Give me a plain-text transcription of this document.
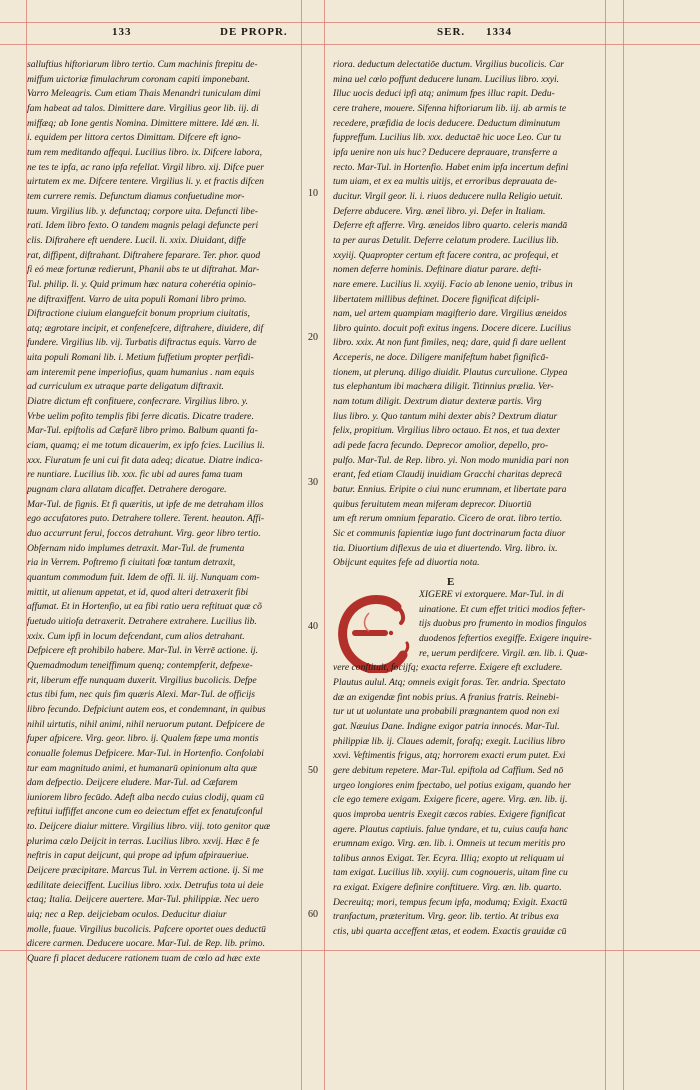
133	DE PROPR.	SER. 1334
10
20
30
40
50
60
salluftius hiftoriarum libro tertio. Cum machinis ftrepitu de-
miffum uictoriæ fimulachrum coronam capiti imponebant.
Varro Meleagris. Cum etiam Thais Menandri tuniculam dimi
fam habeat ad talos. Dimittere dare. Virgilius geor lib. iij. di
miffæq; ab Ione gentis Nomina. Dimittere mittere. Idé æn. li.
i. equidem per littora certos Dimittam. Difcere eft igno-
tum rem meditando affequi. Lucilius libro. ix. Difcere labora,
ne tes te ipfa, ac rano ipfa refellat. Virgil libro. xij. Difce puer
uirtutem ex me. Difcere tentere. Virgilius li. y. et fractis difcen
tem currere remis. Defunctum diamus confuetudine mor-
tuum. Virgilius lib. y. defunctaq; corpore uita. Defuncti libe-
rati. Idem libro fexto. O tandem magnis pelagi defuncte peri
clis. Diftrahere eft uendere. Lucil. li. xxix. Diuidant, diffe
rat, diffipent, diftrahant. Diftrahere feparare. Ter. phor. quod
fi eó meæ fortunæ redierunt, Phanii abs te ut diftrahat. Mar-
Tul. philip. li. y. Quid primum hæc natura coherétia opinio-
ne diftraxiffent. Varro de uita populi Romani libro primo.
Diftractione ciuium elanguefcit bonum proprium ciuitatis,
atq; ægrotare incipit, et confenefcere, diftrahere, diuidere, dif
fundere. Virgilius lib. vij. Turbatis diftractus equis. Varro de
uita populi Romani lib. i. Metium fuffetium propter perfidi-
am interemit pene imperiofius, quam humanius . nam equis
ad curriculum ex utraque parte deligatum diftraxit.
Diatre dictum eft confituere, confecrare. Virgilius libro. y.
Vrbe uelim pofito templis fibi ferre dicatis. Dicatre tradere.
Mar-Tul. epiftolis ad Cæfarē libro primo. Balbum quanti fa-
ciam, quamq; ei me totum dicauerim, ex ipfo fcies. Lucilius li.
xxx. Fiuratum fe uni cui fit data adeq; dicatue. Diatre indica-
re nuntiare. Lucilius lib. xxx. fic ubi ad aures fama tuam
pugnam clara allatam dicaffet. Detrahere derogare.
Mar-Tul. de fignis. Et fi quæritis, ut ipfe de me detraham illos
ego accufatores puto. Detrahere tollere. Terent. heauton. Affi-
duo accurrunt ferui, foccos detrahunt. Virg. geor libro tertio.
Obfernam nido implumes detraxit. Mar-Tul. de frumenta
ria in Verrem. Poftremo fi ciuitati foæ tantum detraxit,
quantum commodum fuit. Idem de offi. li. iij. Nunquam com-
mittit, ut alienum appetat, et id, quod alteri detraxerit fibi
affumat. Et in Hortenfio, ut ea fibi ratio uera reftituat quæ cõ
fuetudo uitiofa detraxerit. Detrahere extrahere. Lucilius lib.
xxix. Cum ipfi in locum defcendant, cum alios detrahant.
Defpicere eft prohibilo habere. Mar-Tul. in Verrē actione. ij.
Quemadmodum teneiffimum quenq; contempferit, defpexe-
rit, liberum effe nunquam duxerit. Virgilius bucolicis. Defpe
ctus tibi fum, nec quis fim quæris Alexi. Mar-Tul. de officijs
libro fecundo. Defpiciunt autem eos, et condemnant, in quibus
nihil uirtutis, nihil animi, nihil neruorum putant. Defpicere de
fuper afpicere. Virg. geor. libro. ij. Qualem fæpe uma montis
conualle folemus Defpicere. Mar-Tul. in Hortenfio. Confolabi
tur eam magnitudo animi, et humanarū opinionum alta quæ
dam defpectio. Deijcere eludere. Mar-Tul. ad Cæfarem
iuniorem libro fecūdo. Adeft alba necdo cuius clodij, quam cū
reftitui iuffiffet ancone cum eo deiectum effet ex fenatufconful
to. Deijcere diaiur mittere. Virgilius libro. viij. toto genitor quæ
plurima cælo Deijcit in terras. Lucilius libro. xxvij. Hæc ē fe
neftris in caput deijcunt, qui prope ad ipfum afpiraueriue.
Deijcere præcipitare. Marcus Tul. in Verrem actione. ij. Si me
ædilitate deieciffent. Lucilius libro. xxix. Detrufus tota ui deie
ctaq; Italia. Deijcere auertere. Mar-Tul. philippiæ. Nec uero
uiq; nec a Rep. deijciebam oculos. Deducitur diaiur
molle, fuaue. Virgilius bucolicis. Pafcere oportet oues deductū
dicere carmen. Deducere uocare. Mar-Tul. de Rep. lib. primo.
Quare fi placet deducere rationem tuam de cœlo ad hæc exte
riora. deductum delectatiōe ductum. Virgilius bucolicis. Car
mina uel cœlo poffunt deducere lunam. Lucilius libro. xxyi.
Illuc uocis deduci ipfi atq; animum fpes illuc rapit. Dedu-
cere trahere, mouere. Sifenna hiftoriarum lib. iij. ab armis te
recedere, præfidia de locis deducere. Deductum diminutum
fuppreffum. Lucilius lib. xxx. deductaē hic uoce Leo. Cur tu
ipfa uenire non uis huc? Deducere deprauare, transferre a
recto. Mar-Tul. in Hortenfio. Habet enim ipfa incertum defini
tum uiam, et ex ea multis uitijs, et erroribus deprauata de-
ducitur. Virgil geor. li. i. riuos deducere nulla Religio uetuit.
Deferre abducere. Virg. æneï libro. yi. Defer in Italiam.
Deferre eft afferre. Virg. æneidos libro quarto. celeris mandā
ta per auras Detulit. Deferre celatum prodere. Lucilius lib.
xxyiij. Quapropter certum eft facere contra, ac profequi, et
nomen deferre hominis. Deftinare diatur parare. defti-
nare emere. Lucilius li. xxyiij. Facio ab lenone uenio, tribus in
libertatem millibus deftinet. Docere fignificat difcipli-
nam, uel artem quampiam magifterio dare. Virgilius æneidos
libro quinto. docuit poft exitus ingens. Docere dicere. Lucilius
libro. xxix. At non funt fimiles, neq; dare, quid fi dare uellent
Acceperis, ne doce. Diligere manifeftum habet fignificā-
tionem, ut plerunq. diligo diuidit. Plautus curculione. Clypea
tus elephantum ibi machæra diligit. Titinnius prælia. Ver-
nam totum diligit. Dextrum diatur dexteræ partis. Virg
lius libro. y. Quo tantum mihi dexter abis? Dextrum diatur
felix, propitium. Virgilius libro octauo. Et nos, et tua dexter
adi pede facra fecundo. Deprecor amolior, depello, pro-
pulfo. Mar-Tul. de Rep. libro. yi. Non modo munidia pari non
erant, fed etiam Claudij inuidiam Gracchi charitas deprecā
batur. Ennius. Eripite o ciui nunc erumnam, et libertate para
quibus feruitutem mean miferam deprecor. Diuortiū
um eft rerum omnium feparatio. Cicero de orat. libro tertio.
Sic et communis fapientiæ iugo funt doctrinarum facta diuor
tia. Diuortium diflexus de uia et diuertendo. Virg. libro. ix.
Obijcunt equites fefe ad diuortia nota.
E
XIGERE vi extorquere. Mar-Tul. in di
uinatione. Et cum effet tritici modios fefter-
tijs duobus pro frumento in modios fingulos
duodenos feftertios exegiffe. Exigere inquire-
re, uerum perdifcere. Virgil. æn. lib. i. Quæ-
vere conftituit, focijfq; exacta referre. Exigere eft excludere.
Plautus aulul. Atq; omneis exigit foras. Ter. andria. Spectato
dæ an exigendæ fint nobis prius. A franius fratris. Reinebi-
tur ut ut uoluntate una probabili prægnantem quod non exi
gat. Næuius Dane. Indigne exigor patria innocés. Mar-Tul.
philippiæ lib. ij. Claues ademit, forafq; exegit. Lucilius libro
xxvi. Veftimentis frigus, atq; horrorem exacti erum putet. Exi
gere debitum repetere. Mar-Tul. epiftola ad Caffium. Sed nō
urgeo longiores enim fpectabo, uel potius exigam, quando her
cle ego temere exigam. Exigere ficere, agere. Virg. æn. lib. ij.
quos improba uentris Exegit cæcos rabies. Exigere fignificat
agere. Plautus captiuis. falue tyndare, et tu, cuius caufa hanc
erumnam exigo. Virg. æn. lib. i. Omneis ut tecum meritis pro
talibus annos Exigat. Ter. Ecyra. Illiq; exopto ut reliquam ui
tam exigat. Lucilius lib. xxyiij. cum cognoueris, uitam fine cu
ra exigat. Exigere definire conftituere. Virg. æn. lib. quarto.
Decreuitq; mori, tempus fecum ipfa, modumq; Exigit. Exactū
tranfactum, præteritum. Virg. geor. lib. tertio. At tribus exa
ctis, ubi quarta acceffent ætas, et eodem. Exactis grauidæ cū
